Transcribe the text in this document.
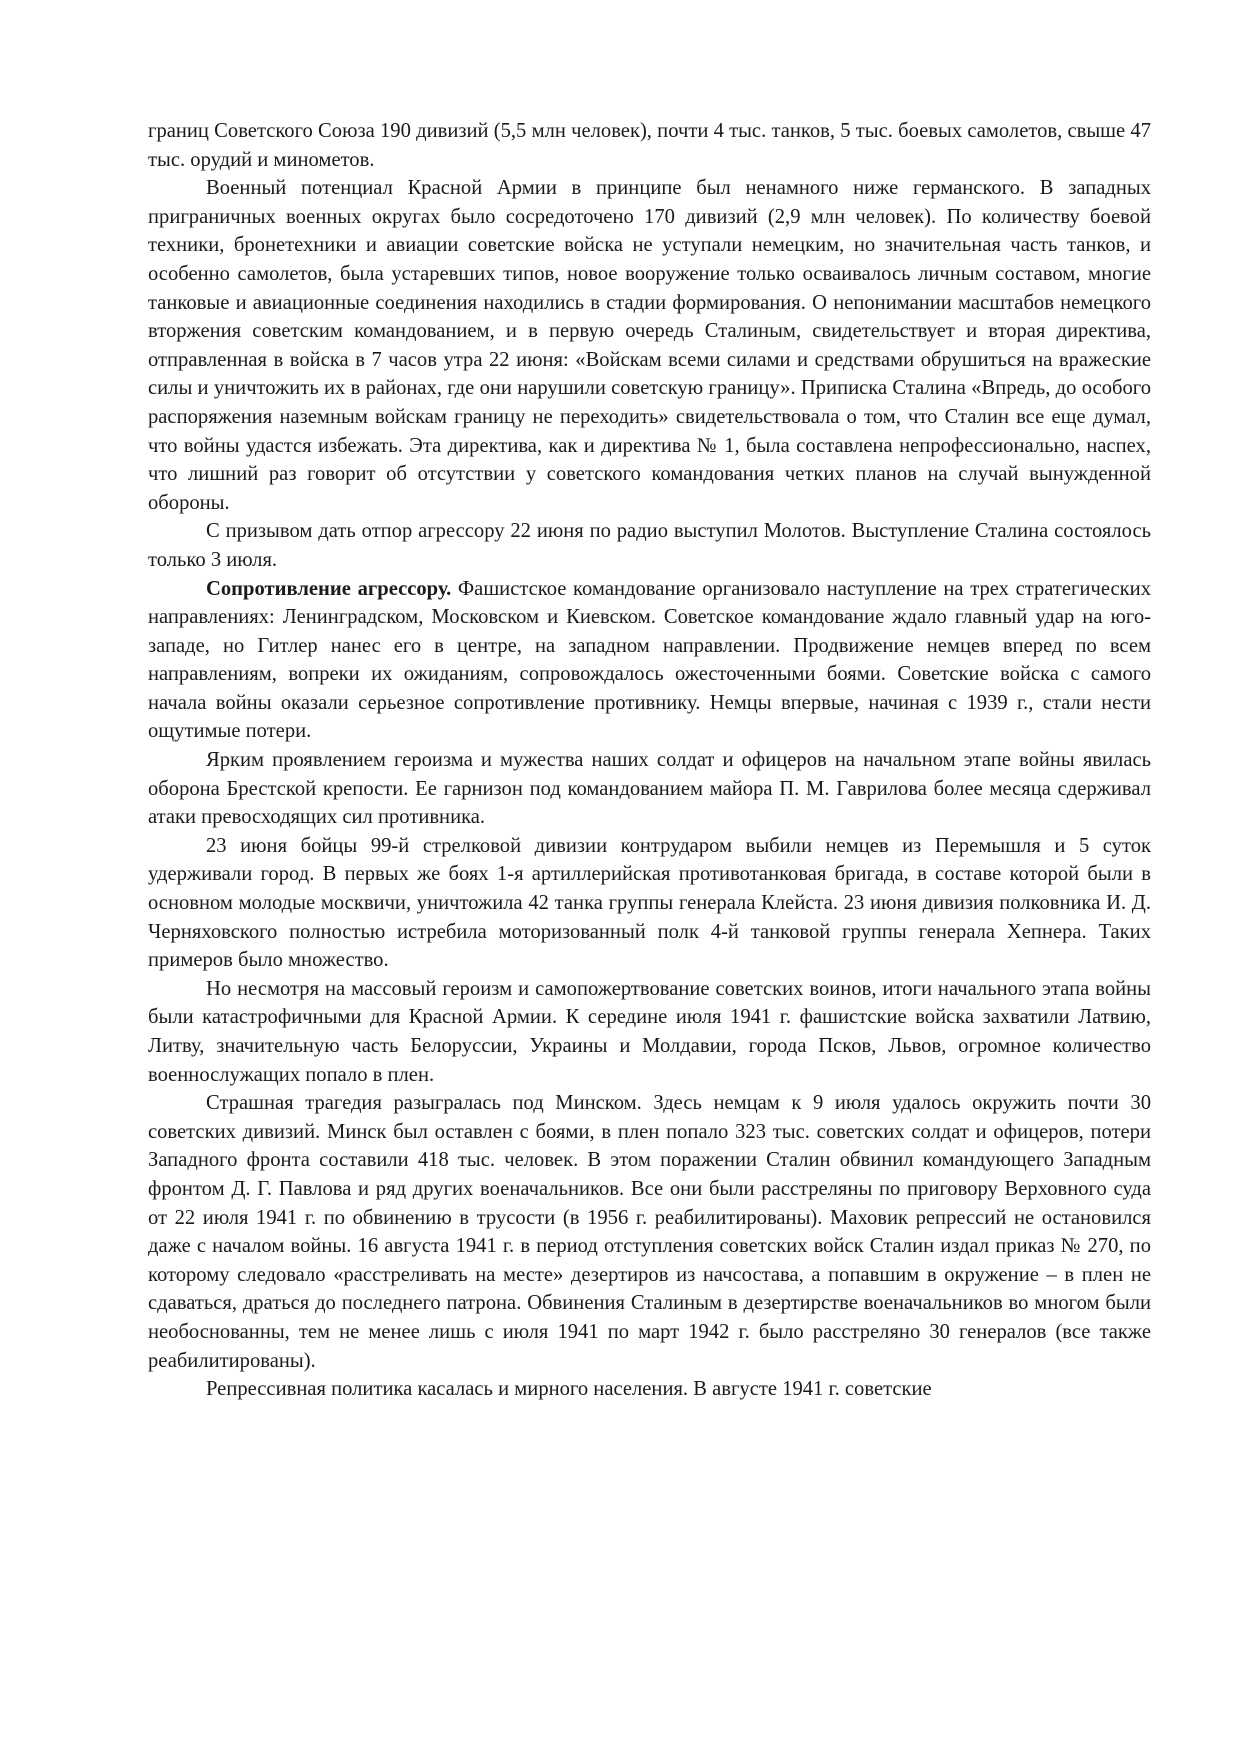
границ Советского Союза 190 дивизий (5,5 млн человек), почти 4 тыс. танков, 5 тыс. боевых самолетов, свыше 47 тыс. орудий и минометов.

Военный потенциал Красной Армии в принципе был ненамного ниже германского. В западных приграничных военных округах было сосредоточено 170 дивизий (2,9 млн человек). По количеству боевой техники, бронетехники и авиации советские войска не уступали немецким, но значительная часть танков, и особенно самолетов, была устаревших типов, новое вооружение только осваивалось личным составом, многие танковые и авиационные соединения находились в стадии формирования. О непонимании масштабов немецкого вторжения советским командованием, и в первую очередь Сталиным, свидетельствует и вторая директива, отправленная в войска в 7 часов утра 22 июня: «Войскам всеми силами и средствами обрушиться на вражеские силы и уничтожить их в районах, где они нарушили советскую границу». Приписка Сталина «Впредь, до особого распоряжения наземным войскам границу не переходить» свидетельствовала о том, что Сталин все еще думал, что войны удастся избежать. Эта директива, как и директива № 1, была составлена непрофессионально, наспех, что лишний раз говорит об отсутствии у советского командования четких планов на случай вынужденной обороны.

С призывом дать отпор агрессору 22 июня по радио выступил Молотов. Выступление Сталина состоялось только 3 июля.

Сопротивление агрессору. Фашистское командование организовало наступление на трех стратегических направлениях: Ленинградском, Московском и Киевском. Советское командование ждало главный удар на юго-западе, но Гитлер нанес его в центре, на западном направлении. Продвижение немцев вперед по всем направлениям, вопреки их ожиданиям, сопровождалось ожесточенными боями. Советские войска с самого начала войны оказали серьезное сопротивление противнику. Немцы впервые, начиная с 1939 г., стали нести ощутимые потери.

Ярким проявлением героизма и мужества наших солдат и офицеров на начальном этапе войны явилась оборона Брестской крепости. Ее гарнизон под командованием майора П. М. Гаврилова более месяца сдерживал атаки превосходящих сил противника.

23 июня бойцы 99-й стрелковой дивизии контрударом выбили немцев из Перемышля и 5 суток удерживали город. В первых же боях 1-я артиллерийская противотанковая бригада, в составе которой были в основном молодые москвичи, уничтожила 42 танка группы генерала Клейста. 23 июня дивизия полковника И. Д. Черняховского полностью истребила моторизованный полк 4-й танковой группы генерала Хепнера. Таких примеров было множество.

Но несмотря на массовый героизм и самопожертвование советских воинов, итоги начального этапа войны были катастрофичными для Красной Армии. К середине июля 1941 г. фашистские войска захватили Латвию, Литву, значительную часть Белоруссии, Украины и Молдавии, города Псков, Львов, огромное количество военнослужащих попало в плен.

Страшная трагедия разыгралась под Минском. Здесь немцам к 9 июля удалось окружить почти 30 советских дивизий. Минск был оставлен с боями, в плен попало 323 тыс. советских солдат и офицеров, потери Западного фронта составили 418 тыс. человек. В этом поражении Сталин обвинил командующего Западным фронтом Д. Г. Павлова и ряд других военачальников. Все они были расстреляны по приговору Верховного суда от 22 июля 1941 г. по обвинению в трусости (в 1956 г. реабилитированы). Маховик репрессий не остановился даже с началом войны. 16 августа 1941 г. в период отступления советских войск Сталин издал приказ № 270, по которому следовало «расстреливать на месте» дезертиров из начсостава, а попавшим в окружение – в плен не сдаваться, драться до последнего патрона. Обвинения Сталиным в дезертирстве военачальников во многом были необоснованны, тем не менее лишь с июля 1941 по март 1942 г. было расстреляно 30 генералов (все также реабилитированы).

Репрессивная политика касалась и мирного населения. В августе 1941 г. советские
